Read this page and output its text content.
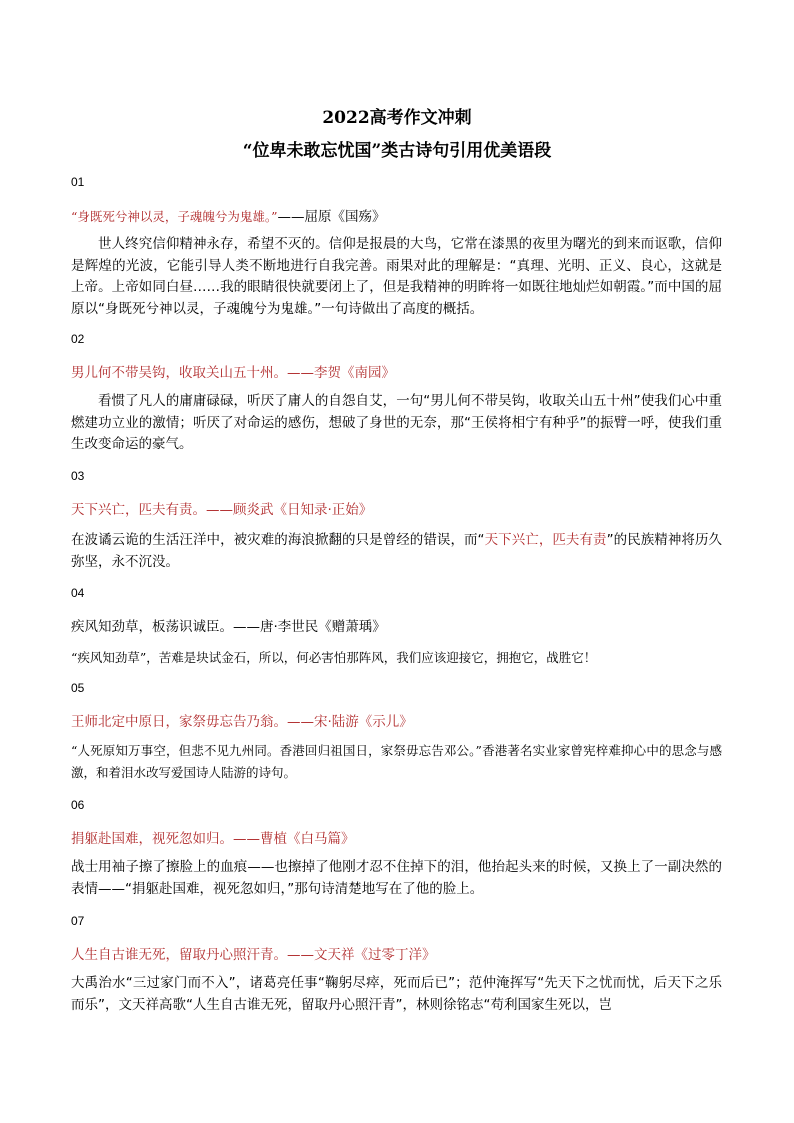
2022高考作文冲刺
“位卑未敢忘忧国”类古诗句引用优美语段
01
“身既死兮神以灵，子魂魄兮为鬼雄。”——屈原《国殇》
世人终究信仰精神永存，希望不灭的。信仰是报晨的大鸟，它常在漆黑的夜里为曙光的到来而讴歌，信仰是辉煌的光波，它能引导人类不断地进行自我完善。雨果对此的理解是：“真理、光明、正义、良心，这就是上帝。上帝如同白昼……我的眼睛很快就要闭上了，但是我精神的明眸将一如既往地灿烂如朝霞。”而中国的屈原以“身既死兮神以灵，子魂魄兮为鬼雄。”一句诗做出了高度的概括。
02
男儿何不带吴钩，收取关山五十州。——李贺《南园》
看惯了凡人的庸庸碌碌，听厌了庸人的自怨自艾，一句“男儿何不带吴钩，收取关山五十州”使我们心中重燃建功立业的激情；听厌了对命运的感伤，想破了身世的无奈，那“王侯将相宁有种乎”的振臂一呼，使我们重生改变命运的豪气。
03
天下兴亡，匹夫有责。——顾炎武《日知录·正始》
在波谲云诡的生活汪洋中，被灾难的海浪掀翻的只是曾经的错误，而“天下兴亡，匹夫有责”的民族精神将历久弥坚，永不沉没。
04
疾风知劲草，板荡识诚臣。——唐·李世民《赠萧瑀》
“疾风知劲草”，苦难是块试金石，所以，何必害怕那阵风，我们应该迎接它，拥抱它，战胜它！
05
王师北定中原日，家祭毋忘告乃翁。——宋·陆游《示儿》
“人死原知万事空，但悲不见九州同。香港回归祖国日，家祭毋忘告邓公。”香港著名实业家曾宪梓难抑心中的思念与感激，和着泪水改写爱国诗人陆游的诗句。
06
捐躯赴国难，视死忽如归。——曹植《白马篇》
战士用袖子擦了擦脸上的血痕——也擦掉了他刚才忍不住掉下的泪，他抬起头来的时候，又换上了一副决然的表情——“捐躯赴国难，视死忽如归，”那句诗清楚地写在了他的脸上。
07
人生自古谁无死，留取丹心照汗青。——文天祥《过零丁洋》
大禹治水“三过家门而不入”，诸葛亮任事“鞠躬尽瘁，死而后已”；范仲淹挥写“先天下之忧而忧，后天下之乐而乐”，文天祥高歌“人生自古谁无死，留取丹心照汗青”，林则徐铭志“苟利国家生死以，岂
